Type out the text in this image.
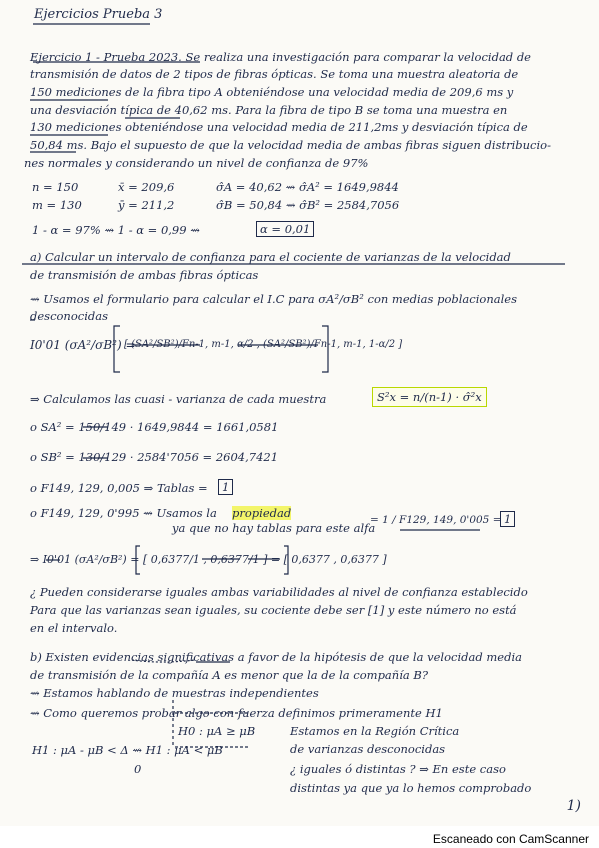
Ejercicios Prueba 3
Ejercicio 1 - Prueba 2023. Se realiza una investigación para comparar la velocidad de
transmisión de datos de 2 tipos de fibras ópticas. Se toma una muestra aleatoria de
150 mediciones de la fibra tipo A obteniéndose una velocidad media de 209,6 ms y
una desviación típica de 40,62 ms. Para la fibra de tipo B se toma una muestra en
130 mediciones obteniéndose una velocidad media de 211,2ms y desviación típica de
50,84 ms. Bajo el supuesto de que la velocidad media de ambas fibras siguen distribucio-
nes normales y considerando un nivel de confianza de 97%
n = 150	x̄ = 209,6	σ̂A = 40,62 ⇝ σ̂A² = 1649,9844
m = 130	ȳ = 211,2	σ̂B = 50,84 ⇝ σ̂B² = 2584,7056
1 - α = 97% ⇝ 1 - α = 0,99 ⇝	α = 0,01
a) Calcular un intervalo de confianza para el cociente de varianzas de la velocidad
de transmisión de ambas fibras ópticas
⇝ Usamos el formulario para calcular el I.C para σA²/σB² con medias poblacionales
desconocidas
I0'01 (σA²/σB²) =
[ (SA²/SB²)/Fn-1, m-1, α/2 , (SA²/SB²)/Fn-1, m-1, 1-α/2 ]
⇒ Calculamos las cuasi - varianza de cada muestra	S²x = n/(n-1) · σ̂²x
o SA² = 150/149 · 1649,9844 = 1661,0581
o SB² = 130/129 · 2584'7056 = 2604,7421
o F149, 129, 0,005 ⇒ Tablas =	1
o F149, 129, 0'995 ⇝ Usamos la propiedad
ya que no hay tablas para este alfa
= 1 / F129, 149, 0'005 = 1
⇒ I0'01 (σA²/σB²) = [ 0,6377/1 , 0,6377/1 ] = [ 0,6377 , 0,6377 ]
¿ Pueden considerarse iguales ambas variabilidades al nivel de confianza establecido
Para que las varianzas sean iguales, su cociente debe ser [1] y este número no está
en el intervalo.
b) Existen evidencias significativas a favor de la hipótesis de que la velocidad media
de transmisión de la compañía A es menor que la de la compañía B?
⇝ Estamos hablando de muestras independientes
⇝ Como queremos probar algo con fuerza definimos primeramente H1
H0 : μA ≥ μB
H1 : μA - μB < Δ ⇝ H1 : μA < μB
0
Estamos en la Región Crítica
de varianzas desconocidas
¿ iguales ó distintas ? ⇒ En este caso
distintas ya que ya lo hemos comprobado
1)
Escaneado con CamScanner
